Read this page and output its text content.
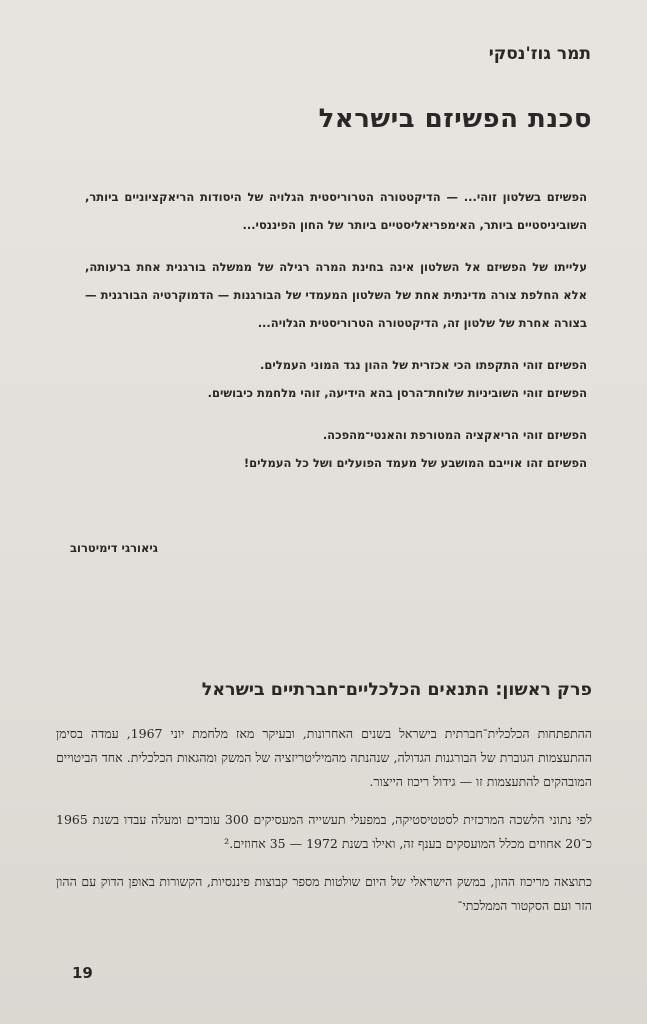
תמר גוז'נסקי
סכנת הפשיזם בישראל

הפשיזם בשלטון זוהי... — הדיקטטורה הטרוריסטית הגלויה של היסודות הריאקציוניים ביותר, השוביניסטיים ביותר, האימפריאליסטיים ביותר של החון הפיננסי...

עלייתו של הפשיזם אל השלטון אינה בחינת המרה רגילה של ממשלה בורגנית אחת ברעותה, אלא החלפת צורה מדינתית אחת של השלטון המעמדי של הבורגנות — הדמוקרטיה הבורגנית — בצורה אחרת של שלטון זה, הדיקטטורה הטרוריסטית הגלויה...

הפשיזם זוהי התקפתו הכי אכזרית של ההון נגד המוני העמלים.

הפשיזם זוהי השוביניות שלוחת־הרסן בהא הידיעה, זוהי מלחמת כיבושים.

הפשיזם זוהי הריאקציה המטורפת והאנטי־מהפכה.

הפשיזם זהו אוייבם המושבע של מעמד הפועלים ושל כל העמלים!

גיאורגי דימיטרוב
פרק ראשון: התנאים הכלכליים־חברתיים בישראל

ההתפתחות הכלכלית־חברתית בישראל בשנים האחרונות, ובעיקר מאז מלחמת יוני 1967, עמדה בסימן ההתעצמות הגוברת של הבורגנות הגדולה, שנהנתה מהמיליטריזציה של המשק ומהגאות הכלכלית. אחד הביטויים המובהקים להתעצמות זו — גידול ריכוז הייצור.

לפי נתוני הלשכה המרכזית לסטטיסטיקה, במפעלי תעשייה המעסיקים 300 עובדים ומעלה עבדו בשנת 1965 כ־20 אחוזים מכלל המועסקים בענף זה, ואילו בשנת 1972 — 35 אחוזים.²

כתוצאה מריכוז ההון, במשק הישראלי של היום שולטות מספר קבוצות פיננסיות, הקשורות באופן הדוק עם ההון הזר ועם הסקטור הממלכתי־

19
